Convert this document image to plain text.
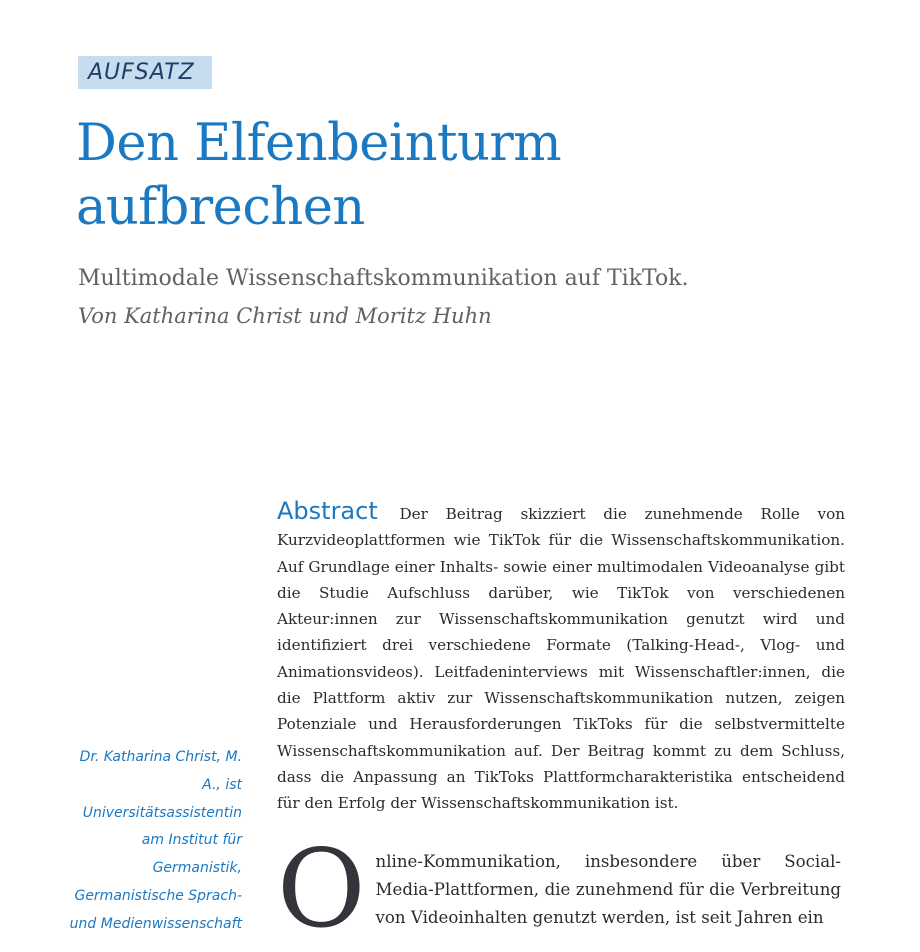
AUFSATZ
Den Elfenbeinturm aufbrechen
Multimodale Wissenschaftskommunikation auf TikTok.
Von Katharina Christ und Moritz Huhn
Abstract Der Beitrag skizziert die zunehmende Rolle von Kurzvideoplattformen wie TikTok für die Wissenschaftskommunikation. Auf Grundlage einer Inhalts- sowie einer multimodalen Videoanalyse gibt die Studie Aufschluss darüber, wie TikTok von verschiedenen Akteur:innen zur Wissenschaftskommunikation genutzt wird und identifiziert drei verschiedene Formate (Talking-Head-, Vlog- und Animationsvideos). Leitfadeninterviews mit Wissenschaftler:innen, die die Plattform aktiv zur Wissenschaftskommunikation nutzen, zeigen Potenziale und Herausforderungen TikToks für die selbstvermittelte Wissenschaftskommunikation auf. Der Beitrag kommt zu dem Schluss, dass die Anpassung an TikToks Plattformcharakteristika entscheidend für den Erfolg der Wissenschaftskommunikation ist.
Dr. Katharina Christ, M. A., ist Universitätsassistentin am Institut für Germanistik, Germanistische Sprach- und Medienwissenschaft O nline-Kommunikation, insbesondere über Social-Media-Plattformen, die zunehmend für die Verbreitung von Videoinhalten genutzt werden, ist seit Jahren ein
